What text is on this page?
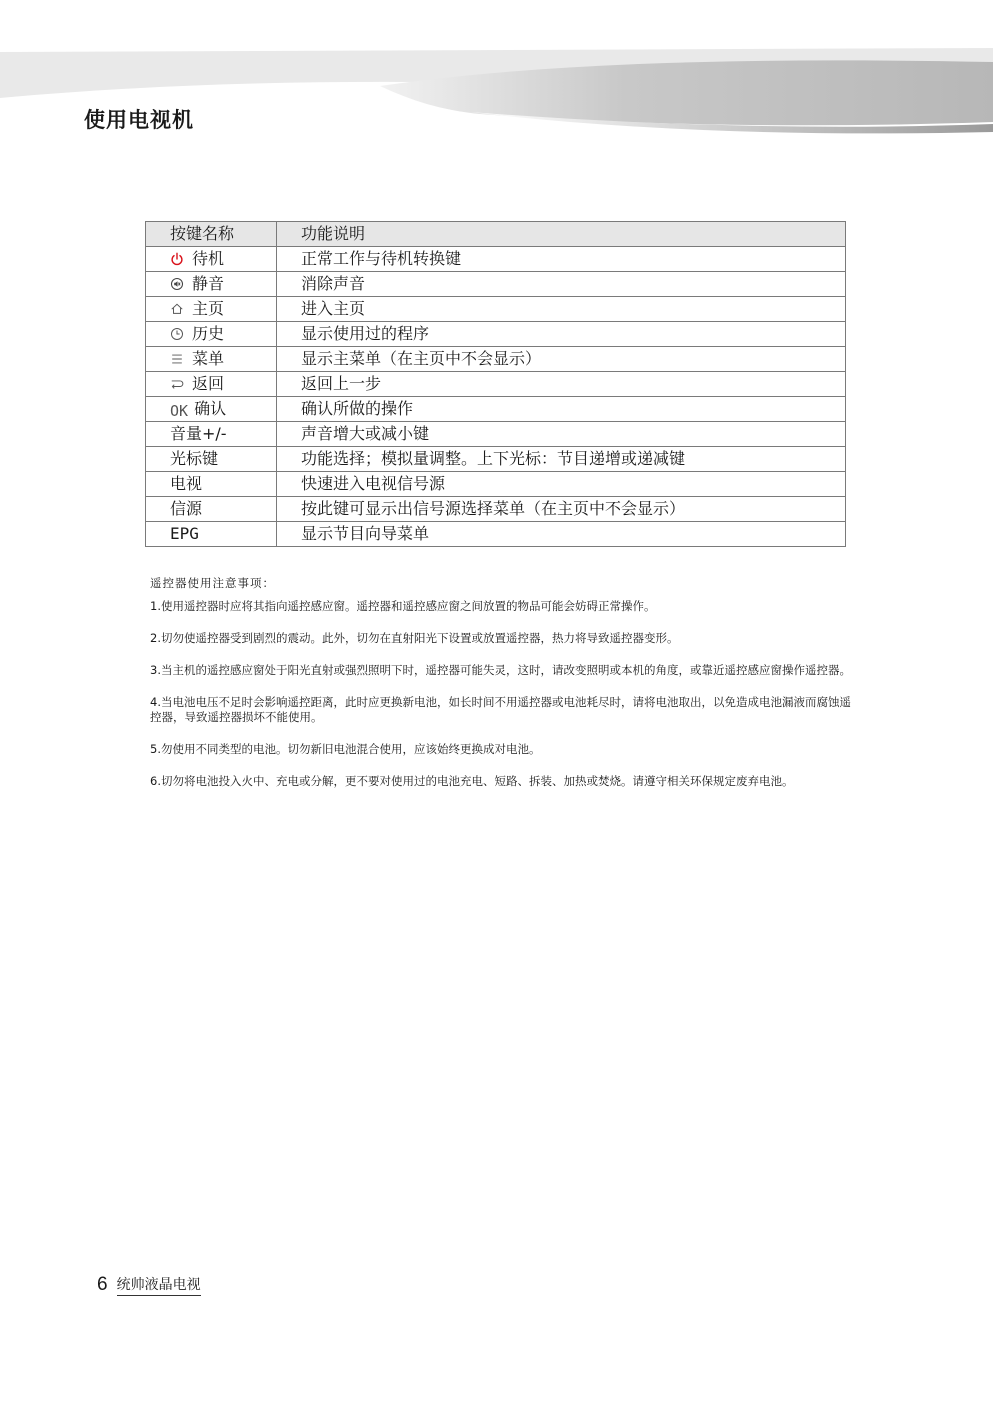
使用电视机
按键名称	功能说明
待机	正常工作与待机转换键
静音	消除声音
主页	进入主页
历史	显示使用过的程序
菜单	显示主菜单（在主页中不会显示）
返回	返回上一步
OK 确认	确认所做的操作
音量+/-	声音增大或减小键
光标键	功能选择；模拟量调整。上下光标：节目递增或递减键
电视	快速进入电视信号源
信源	按此键可显示出信号源选择菜单（在主页中不会显示）
EPG	显示节目向导菜单

遥控器使用注意事项：

1.使用遥控器时应将其指向遥控感应窗。遥控器和遥控感应窗之间放置的物品可能会妨碍正常操作。

2.切勿使遥控器受到剧烈的震动。此外，切勿在直射阳光下设置或放置遥控器，热力将导致遥控器变形。

3.当主机的遥控感应窗处于阳光直射或强烈照明下时，遥控器可能失灵，这时，请改变照明或本机的角度，或靠近遥控感应窗操作遥控器。

4.当电池电压不足时会影响遥控距离，此时应更换新电池，如长时间不用遥控器或电池耗尽时，请将电池取出，以免造成电池漏液而腐蚀遥控器，导致遥控器损坏不能使用。

5.勿使用不同类型的电池。切勿新旧电池混合使用，应该始终更换成对电池。

6.切勿将电池投入火中、充电或分解，更不要对使用过的电池充电、短路、拆装、加热或焚烧。请遵守相关环保规定废弃电池。

6 统帅液晶电视
